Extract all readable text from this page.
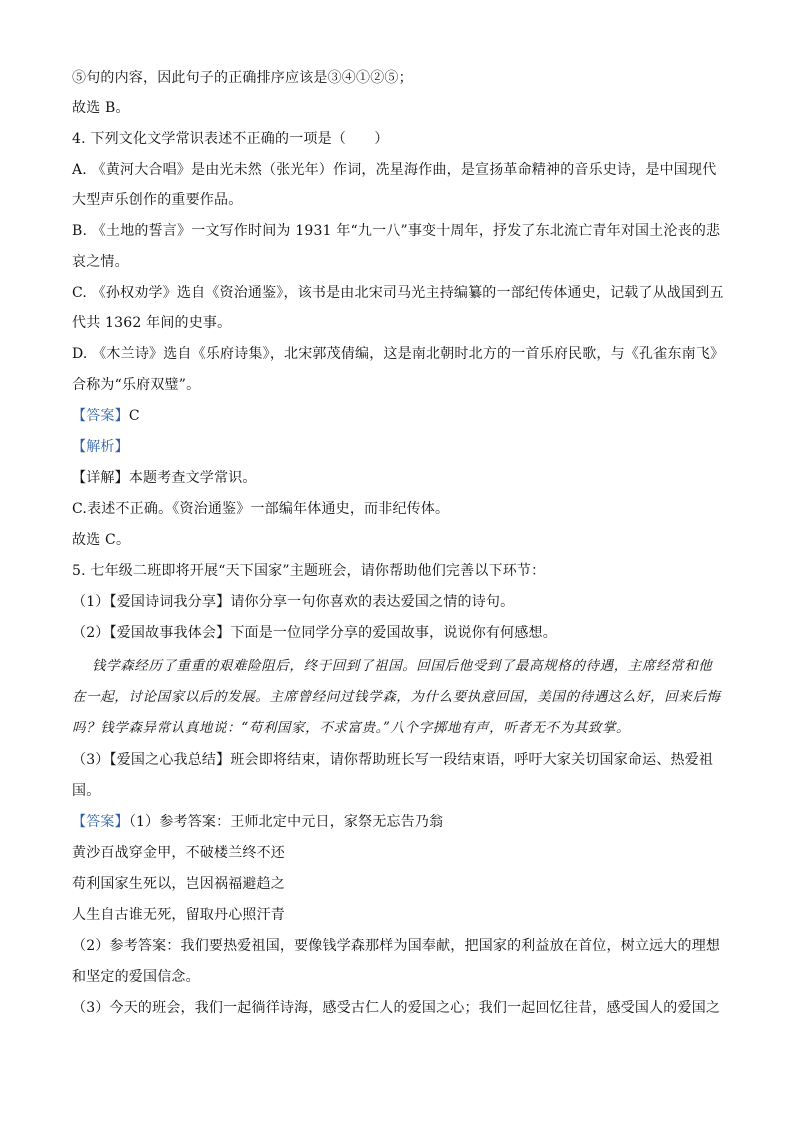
⑤句的内容，因此句子的正确排序应该是③④①②⑤；
故选 B。
4. 下列文化文学常识表述不正确的一项是（　　）
A. 《黄河大合唱》是由光未然（张光年）作词，冼星海作曲，是宣扬革命精神的音乐史诗，是中国现代
大型声乐创作的重要作品。
B. 《土地的誓言》一文写作时间为 1931 年“九一八”事变十周年，抒发了东北流亡青年对国土沦丧的悲
哀之情。
C. 《孙权劝学》选自《资治通鉴》，该书是由北宋司马光主持编纂的一部纪传体通史，记载了从战国到五
代共 1362 年间的史事。
D. 《木兰诗》选自《乐府诗集》，北宋郭茂倩编，这是南北朝时北方的一首乐府民歌，与《孔雀东南飞》
合称为“乐府双璧”。
【答案】C
【解析】
【详解】本题考查文学常识。
C.表述不正确。《资治通鉴》一部编年体通史，而非纪传体。
故选 C。
5. 七年级二班即将开展“天下国家”主题班会，请你帮助他们完善以下环节：
（1）【爱国诗词我分享】请你分享一句你喜欢的表达爱国之情的诗句。
（2）【爱国故事我体会】下面是一位同学分享的爱国故事，说说你有何感想。
钱学森经历了重重的艰难险阻后，终于回到了祖国。回国后他受到了最高规格的待遇，主席经常和他
在一起，讨论国家以后的发展。主席曾经问过钱学森，为什么要执意回国，美国的待遇这么好，回来后悔
吗？钱学森异常认真地说：“苟利国家，不求富贵。”八个字掷地有声，听者无不为其致掌。
（3）【爱国之心我总结】班会即将结束，请你帮助班长写一段结束语，呼吁大家关切国家命运、热爱祖
国。
【答案】（1）参考答案：王师北定中元日，家祭无忘告乃翁
黄沙百战穿金甲，不破楼兰终不还
苟利国家生死以，岂因祸福避趋之
人生自古谁无死，留取丹心照汗青
（2）参考答案：我们要热爱祖国，要像钱学森那样为国奉献，把国家的利益放在首位，树立远大的理想
和坚定的爱国信念。
（3）今天的班会，我们一起徜徉诗海，感受古仁人的爱国之心；我们一起回忆往昔，感受国人的爱国之
